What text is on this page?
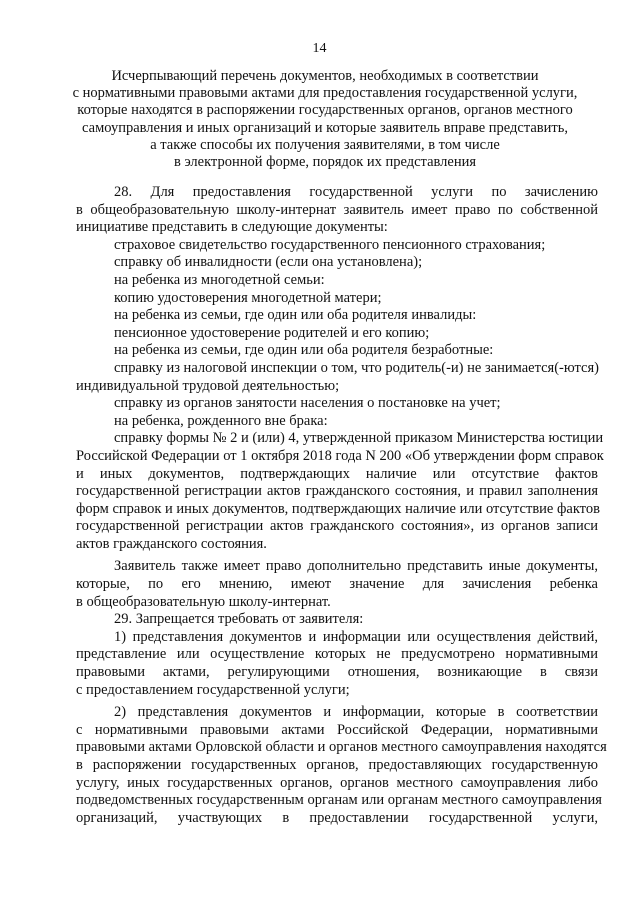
14
Исчерпывающий перечень документов, необходимых в соответствии
с нормативными правовыми актами для предоставления государственной услуги,
которые находятся в распоряжении государственных органов, органов местного
самоуправления и иных организаций и которые заявитель вправе представить,
а также способы их получения заявителями, в том числе
в электронной форме, порядок их представления
28. Для предоставления государственной услуги по зачислению
в общеобразовательную школу-интернат заявитель имеет право по собственной
инициативе представить в следующие документы:
страховое свидетельство государственного пенсионного страхования;
справку об инвалидности (если она установлена);
на ребенка из многодетной семьи:
копию удостоверения многодетной матери;
на ребенка из семьи, где один или оба родителя инвалиды:
пенсионное удостоверение родителей и его копию;
на ребенка из семьи, где один или оба родителя безработные:
справку из налоговой инспекции о том, что родитель(-и) не занимается(-ются)
индивидуальной трудовой деятельностью;
справку из органов занятости населения о постановке на учет;
на ребенка, рожденного вне брака:
справку формы № 2 и (или) 4, утвержденной приказом Министерства юстиции
Российской Федерации от 1 октября 2018 года N 200 «Об утверждении форм справок
и иных документов, подтверждающих наличие или отсутствие фактов
государственной регистрации актов гражданского состояния, и правил заполнения
форм справок и иных документов, подтверждающих наличие или отсутствие фактов
государственной регистрации актов гражданского состояния», из органов записи
актов гражданского состояния.
Заявитель также имеет право дополнительно представить иные документы,
которые, по его мнению, имеют значение для зачисления ребенка
в общеобразовательную школу-интернат.
29. Запрещается требовать от заявителя:
1) представления документов и информации или осуществления действий,
представление или осуществление которых не предусмотрено нормативными
правовыми актами, регулирующими отношения, возникающие в связи
с предоставлением государственной услуги;
2) представления документов и информации, которые в соответствии
с нормативными правовыми актами Российской Федерации, нормативными
правовыми актами Орловской области и органов местного самоуправления находятся
в распоряжении государственных органов, предоставляющих государственную
услугу, иных государственных органов, органов местного самоуправления либо
подведомственных государственным органам или органам местного самоуправления
организаций, участвующих в предоставлении государственной услуги,
